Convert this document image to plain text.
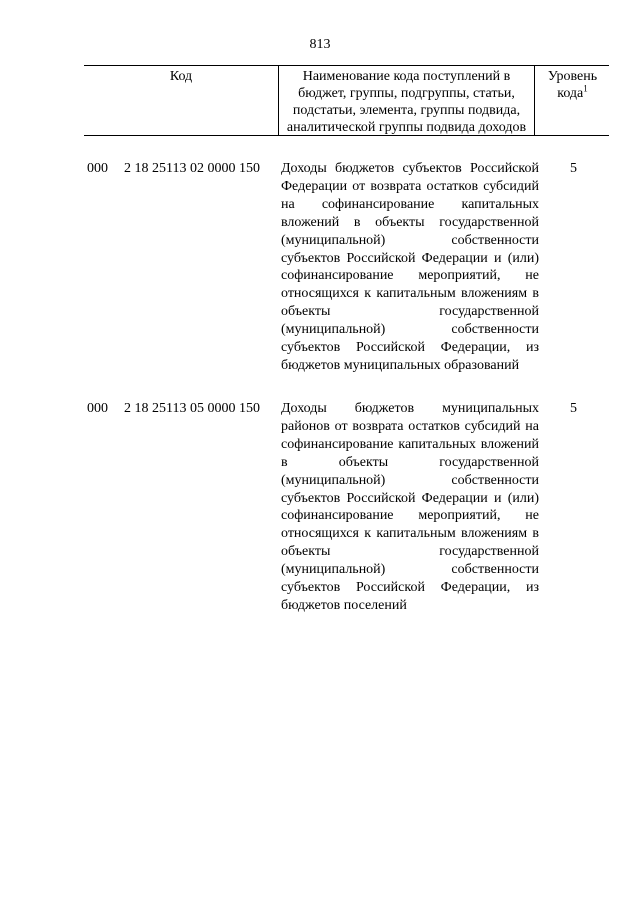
813
Код	Наименование кода поступлений в бюджет, группы, подгруппы, статьи, подстатьи, элемента, группы подвида, аналитической группы подвида доходов
Уровень кода$^1$
000 2 18 25113 02 0000 150 Доходы бюджетов субъектов Российской Федерации от возврата остатков субсидий на софинансирование капитальных вложений в объекты государственной (муниципальной) собственности субъектов Российской Федерации и (или) софинансирование мероприятий, не относящихся к капитальным вложениям в объекты государственной (муниципальной) собственности субъектов Российской Федерации, из бюджетов муниципальных образований
5
000 2 18 25113 05 0000 150 Доходы бюджетов муниципальных районов от возврата остатков субсидий на софинансирование капитальных вложений в объекты государственной (муниципальной) собственности субъектов Российской Федерации и (или) софинансирование мероприятий, не относящихся к капитальным вложениям в объекты государственной (муниципальной) собственности субъектов Российской Федерации, из бюджетов поселений
5
